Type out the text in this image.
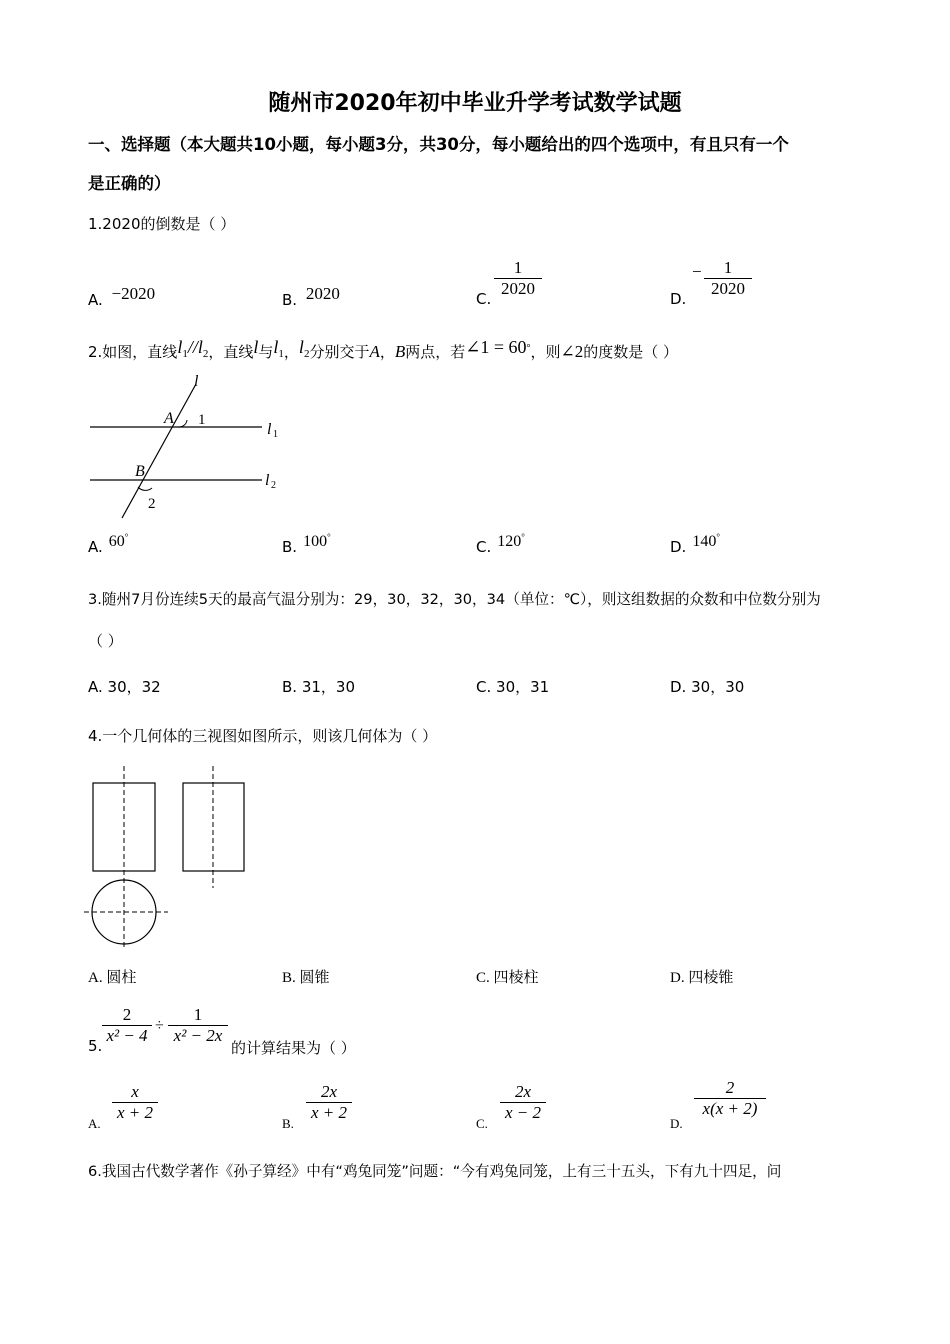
随州市2020年初中毕业升学考试数学试题
一、选择题（本大题共10小题，每小题3分，共30分，每小题给出的四个选项中，有且只有一个
是正确的）
1.2020的倒数是（ ）
A. −2020	B. 2020	C.
1
2020
D.
−	1
2020
2.如图，直线$l_1//l_2$，直线l与$l_1$，$l_2$分别交于A，B两点，若∠1 = 60°，则∠2的度数是（ ）
l
A 1
l 1
B
2
l 2
A. 60°
B. 100°
C. 120°
D. 140°
3.随州7月份连续5天的最高气温分别为：29，30，32，30，34（单位：℃），则这组数据的众数和中位数分别为
（ ）
A. 30，32	B. 31，30	C. 30，31	D. 30，30
4.一个几何体的三视图如图所示，则该几何体为（ ）
A. 圆柱	B. 圆锥	C. 四棱柱	D. 四棱锥
5.
2
x² − 4
÷
1
x² − 2x
的计算结果为（ ）
A.
x
x + 2
B.
2x
x + 2
C.
2x
x − 2
D.
2
x(x + 2)
6.我国古代数学著作《孙子算经》中有“鸡兔同笼”问题：“今有鸡兔同笼，上有三十五头，下有九十四足，问
